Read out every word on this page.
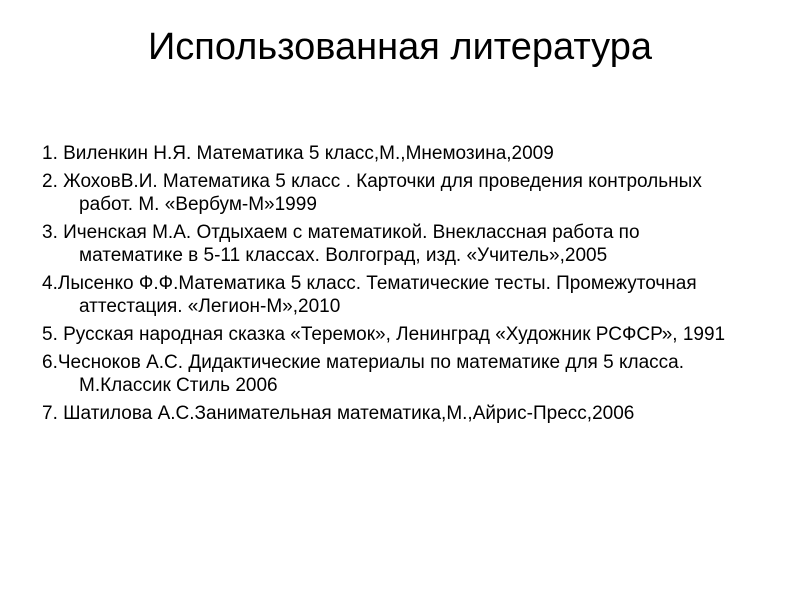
Использованная литература
1. Виленкин Н.Я. Математика 5 класс,М.,Мнемозина,2009
2. ЖоховВ.И. Математика 5 класс . Карточки для проведения контрольных работ. М. «Вербум-М»1999
3. Иченская М.А. Отдыхаем с математикой. Внеклассная работа по математике в 5-11 классах. Волгоград, изд. «Учитель»,2005
4.Лысенко Ф.Ф.Математика 5 класс. Тематические тесты. Промежуточная аттестация. «Легион-М»,2010
5. Русская народная сказка «Теремок», Ленинград «Художник РСФСР», 1991
6.Чесноков А.С. Дидактические материалы по математике для 5 класса. М.Классик Стиль 2006
7. Шатилова А.С.Занимательная математика,М.,Айрис-Пресс,2006
